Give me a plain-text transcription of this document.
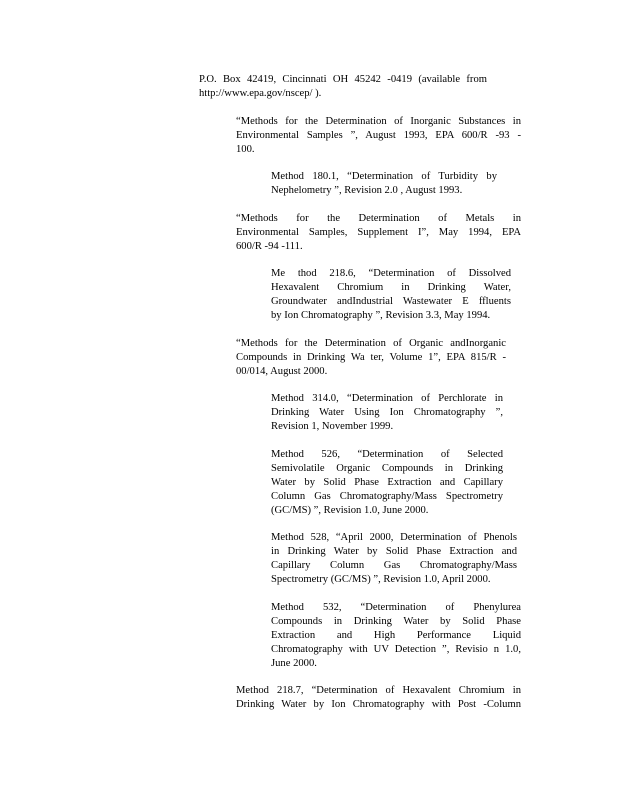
P.O. Box 42419, Cincinnati OH 45242 -0419 (available from
http://www.epa.gov/nscep/ ).
“Methods for the Determination of Inorganic Substances in
Environmental Samples ”, August 1993, EPA 600/R -93 -
100.
Method 180.1, “Determination of Turbidity by
Nephelometry ”, Revision 2.0 , August 1993.
“Methods for the Determination of Metals in
Environmental Samples, Supplement I”, May 1994, EPA
600/R -94 -111.
Me thod 218.6, “Determination of Dissolved
Hexavalent Chromium in Drinking Water,
Groundwater andIndustrial Wastewater E ffluents
by Ion Chromatography ”, Revision 3.3, May 1994.
“Methods for the Determination of Organic andInorganic
Compounds in Drinking Wa ter, Volume 1”, EPA 815/R -
00/014, August 2000.
Method 314.0, “Determination of Perchlorate in
Drinking Water Using Ion Chromatography ”,
Revision 1, November 1999.
Method 526, “Determination of Selected
Semivolatile Organic Compounds in Drinking
Water by Solid Phase Extraction and Capillary
Column Gas Chromatography/Mass Spectrometry
(GC/MS) ”, Revision 1.0, June 2000.
Method 528, “April 2000, Determination of Phenols
in Drinking Water by Solid Phase Extraction and
Capillary Column Gas Chromatography/Mass
Spectrometry (GC/MS) ”, Revision 1.0, April 2000.
Method 532, “Determination of Phenylurea
Compounds in Drinking Water by Solid Phase
Extraction and High Performance Liquid
Chromatography with UV Detection ”, Revisio n 1.0,
June 2000.
Method 218.7, “Determination of Hexavalent Chromium in
Drinking Water by Ion Chromatography with Post -Column
